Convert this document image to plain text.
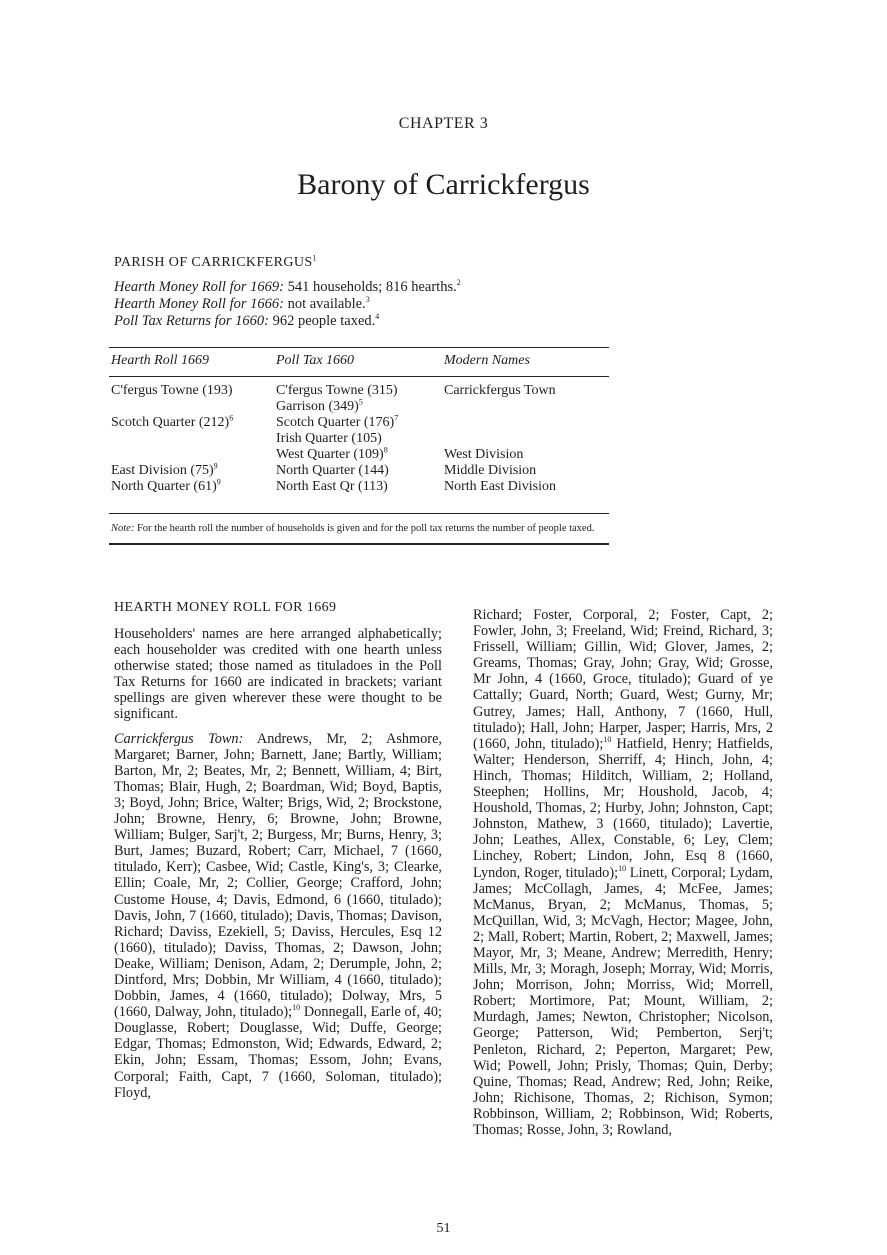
CHAPTER 3
Barony of Carrickfergus
PARISH OF CARRICKFERGUS$^1$
Hearth Money Roll for 1669: 541 households; 816 hearths.$^2$
Hearth Money Roll for 1666: not available.$^3$
Poll Tax Returns for 1660: 962 people taxed.$^4$
Hearth Roll 1669	Poll Tax 1660	Modern Names
C'fergus Towne (193)
Scotch Quarter $(212)^6$
East Division $(75)^9$
North Quarter $(61)^9$
C'fergus Towne (315)
Garrison $(349)^5$
Scotch Quarter $(176)^7$
Irish Quarter (105)
West Quarter $(109)^8$
North Quarter (144)
North East Qr (113)
Carrickfergus Town
West Division
Middle Division
North East Division
Note: For the hearth roll the number of households is given and for the poll tax returns the number of people taxed.
HEARTH MONEY ROLL FOR 1669

Householders' names are here arranged alphabetically; each householder was credited with one hearth unless otherwise stated; those named as tituladoes in the Poll Tax Returns for 1660 are indicated in brackets; variant spellings are given wherever these were thought to be significant.

Carrickfergus Town: Andrews, Mr, 2; Ashmore, Margaret; Barner, John; Barnett, Jane; Bartly, William; Barton, Mr, 2; Beates, Mr, 2; Bennett, William, 4; Birt, Thomas; Blair, Hugh, 2; Boardman, Wid; Boyd, Baptis, 3; Boyd, John; Brice, Walter; Brigs, Wid, 2; Brockstone, John; Browne, Henry, 6; Browne, John; Browne, William; Bulger, Sarj't, 2; Burgess, Mr; Burns, Henry, 3; Burt, James; Buzard, Robert; Carr, Michael, 7 (1660, titulado, Kerr); Casbee, Wid; Castle, King's, 3; Clearke, Ellin; Coale, Mr, 2; Collier, George; Crafford, John; Custome House, 4; Davis, Edmond, 6 (1660, titulado); Davis, John, 7 (1660, titulado); Davis, Thomas; Davison, Richard; Daviss, Ezekiell, 5; Daviss, Hercules, Esq 12 (1660), titulado); Daviss, Thomas, 2; Dawson, John; Deake, William; Denison, Adam, 2; Derumple, John, 2; Dintford, Mrs; Dobbin, Mr William, 4 (1660, titulado); Dobbin, James, 4 (1660, titulado); Dolway, Mrs, 5 (1660, Dalway, John, titulado);$^{10}$ Donnegall, Earle of, 40; Douglasse, Robert; Douglasse, Wid; Duffe, George; Edgar, Thomas; Edmonston, Wid; Edwards, Edward, 2; Ekin, John; Essam, Thomas; Essom, John; Evans, Corporal; Faith, Capt, 7 (1660, Soloman, titulado); Floyd,

Richard; Foster, Corporal, 2; Foster, Capt, 2; Fowler, John, 3; Freeland, Wid; Freind, Richard, 3; Frissell, William; Gillin, Wid; Glover, James, 2; Greams, Thomas; Gray, John; Gray, Wid; Grosse, Mr John, 4 (1660, Groce, titulado); Guard of ye Cattally; Guard, North; Guard, West; Gurny, Mr; Gutrey, James; Hall, Anthony, 7 (1660, Hull, titulado); Hall, John; Harper, Jasper; Harris, Mrs, 2 (1660, John, titulado);$^{10}$ Hatfield, Henry; Hatfields, Walter; Henderson, Sherriff, 4; Hinch, John, 4; Hinch, Thomas; Hilditch, William, 2; Holland, Steephen; Hollins, Mr; Houshold, Jacob, 4; Houshold, Thomas, 2; Hurby, John; Johnston, Capt; Johnston, Mathew, 3 (1660, titulado); Lavertie, John; Leathes, Allex, Constable, 6; Ley, Clem; Linchey, Robert; Lindon, John, Esq 8 (1660, Lyndon, Roger, titulado);$^{10}$ Linett, Corporal; Lydam, James; McCollagh, James, 4; McFee, James; McManus, Bryan, 2; McManus, Thomas, 5; McQuillan, Wid, 3; McVagh, Hector; Magee, John, 2; Mall, Robert; Martin, Robert, 2; Maxwell, James; Mayor, Mr, 3; Meane, Andrew; Merredith, Henry; Mills, Mr, 3; Moragh, Joseph; Morray, Wid; Morris, John; Morrison, John; Morriss, Wid; Morrell, Robert; Mortimore, Pat; Mount, William, 2; Murdagh, James; Newton, Christopher; Nicolson, George; Patterson, Wid; Pemberton, Serj't; Penleton, Richard, 2; Peperton, Margaret; Pew, Wid; Powell, John; Prisly, Thomas; Quin, Derby; Quine, Thomas; Read, Andrew; Red, John; Reike, John; Richisone, Thomas, 2; Richison, Symon; Robbinson, William, 2; Robbinson, Wid; Roberts, Thomas; Rosse, John, 3; Rowland,

51
